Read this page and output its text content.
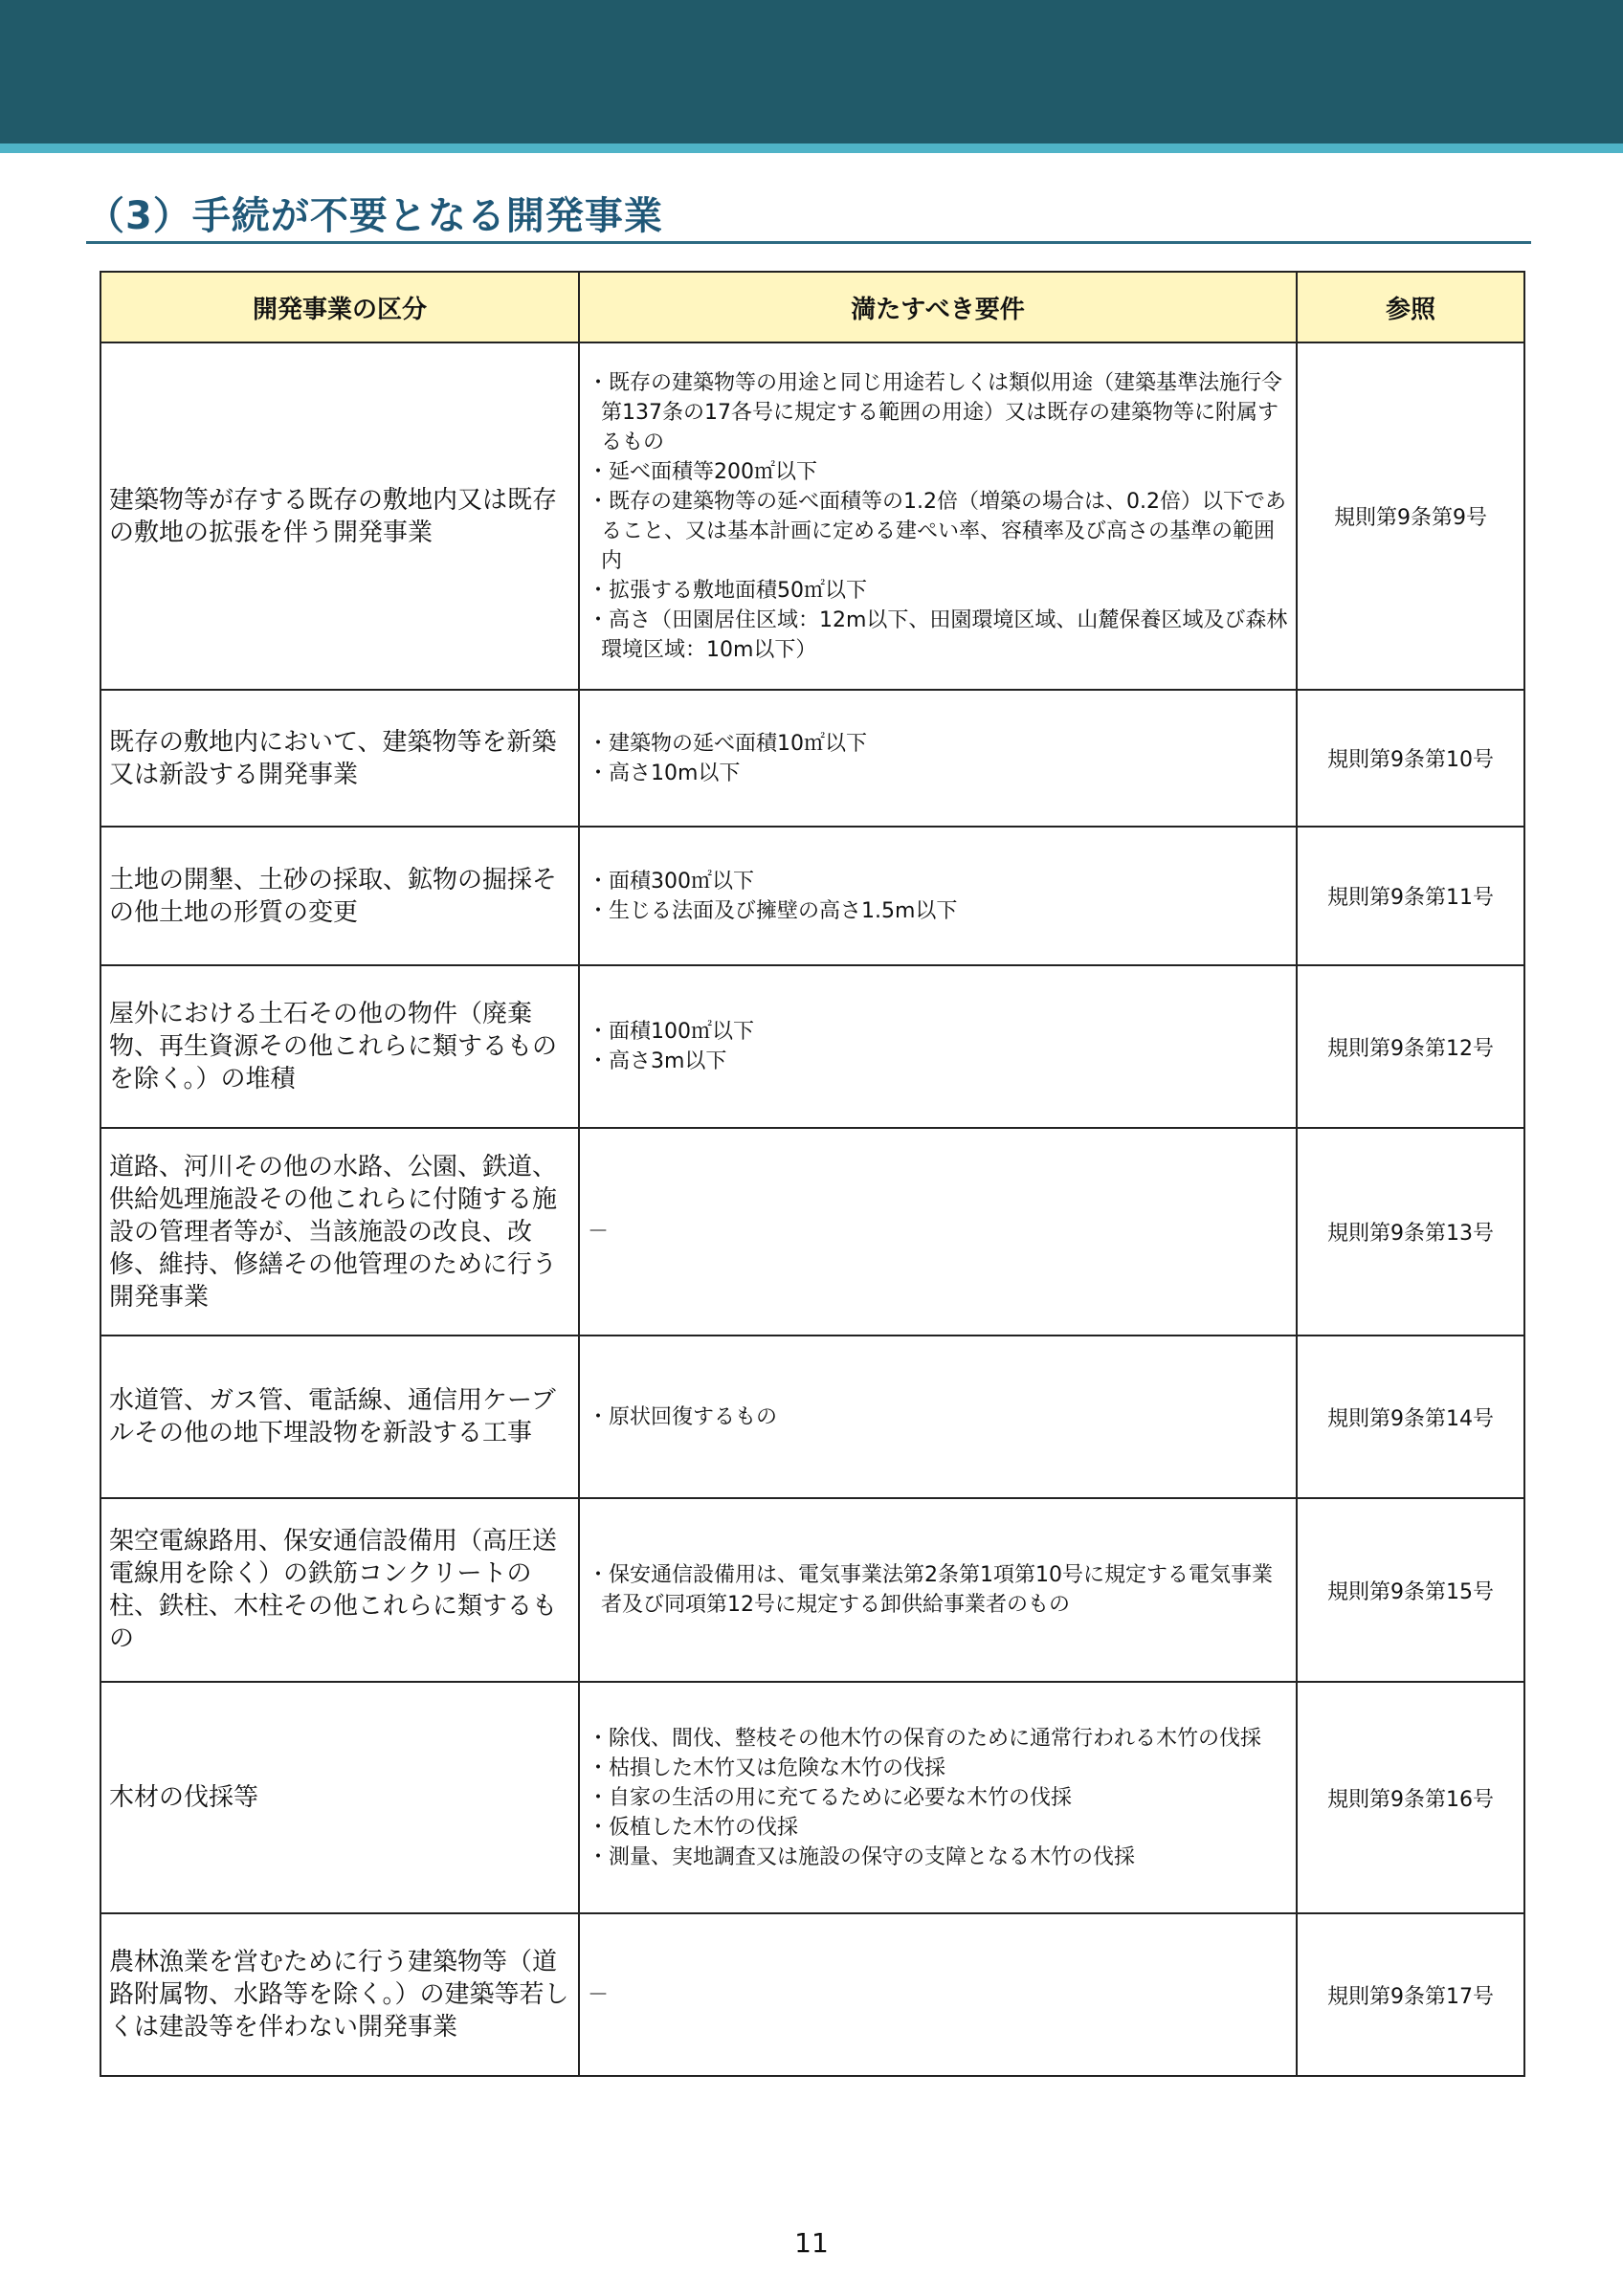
（3）手続が不要となる開発事業
開発事業の区分	満たすべき要件	参照
建築物等が存する既存の敷地内又は既存の敷地の拡張を伴う開発事業	・既存の建築物等の用途と同じ用途若しくは類似用途（建築基準法施行令第137条の17各号に規定する範囲の用途）又は既存の建築物等に附属するもの
・延べ面積等200㎡以下
・既存の建築物等の延べ面積等の1.2倍（増築の場合は、0.2倍）以下であること、又は基本計画に定める建ぺい率、容積率及び高さの基準の範囲内
・拡張する敷地面積50㎡以下
・高さ（田園居住区域：12m以下、田園環境区域、山麓保養区域及び森林環境区域：10m以下）	規則第9条第9号
既存の敷地内において、建築物等を新築又は新設する開発事業	・建築物の延べ面積10㎡以下
・高さ10m以下	規則第9条第10号
土地の開墾、土砂の採取、鉱物の掘採その他土地の形質の変更	・面積300㎡以下
・生じる法面及び擁壁の高さ1.5m以下	規則第9条第11号
屋外における土石その他の物件（廃棄物、再生資源その他これらに類するものを除く。）の堆積	・面積100㎡以下
・高さ3m以下	規則第9条第12号
道路、河川その他の水路、公園、鉄道、供給処理施設その他これらに付随する施設の管理者等が、当該施設の改良、改修、維持、修繕その他管理のために行う開発事業	－	規則第9条第13号
水道管、ガス管、電話線、通信用ケーブルその他の地下埋設物を新設する工事	・原状回復するもの	規則第9条第14号
架空電線路用、保安通信設備用（高圧送電線用を除く）の鉄筋コンクリートの柱、鉄柱、木柱その他これらに類するもの	・保安通信設備用は、電気事業法第2条第1項第10号に規定する電気事業者及び同項第12号に規定する卸供給事業者のもの	規則第9条第15号
木材の伐採等	・除伐、間伐、整枝その他木竹の保育のために通常行われる木竹の伐採
・枯損した木竹又は危険な木竹の伐採
・自家の生活の用に充てるために必要な木竹の伐採
・仮植した木竹の伐採
・測量、実地調査又は施設の保守の支障となる木竹の伐採	規則第9条第16号
農林漁業を営むために行う建築物等（道路附属物、水路等を除く。）の建築等若しくは建設等を伴わない開発事業	－	規則第9条第17号
11
